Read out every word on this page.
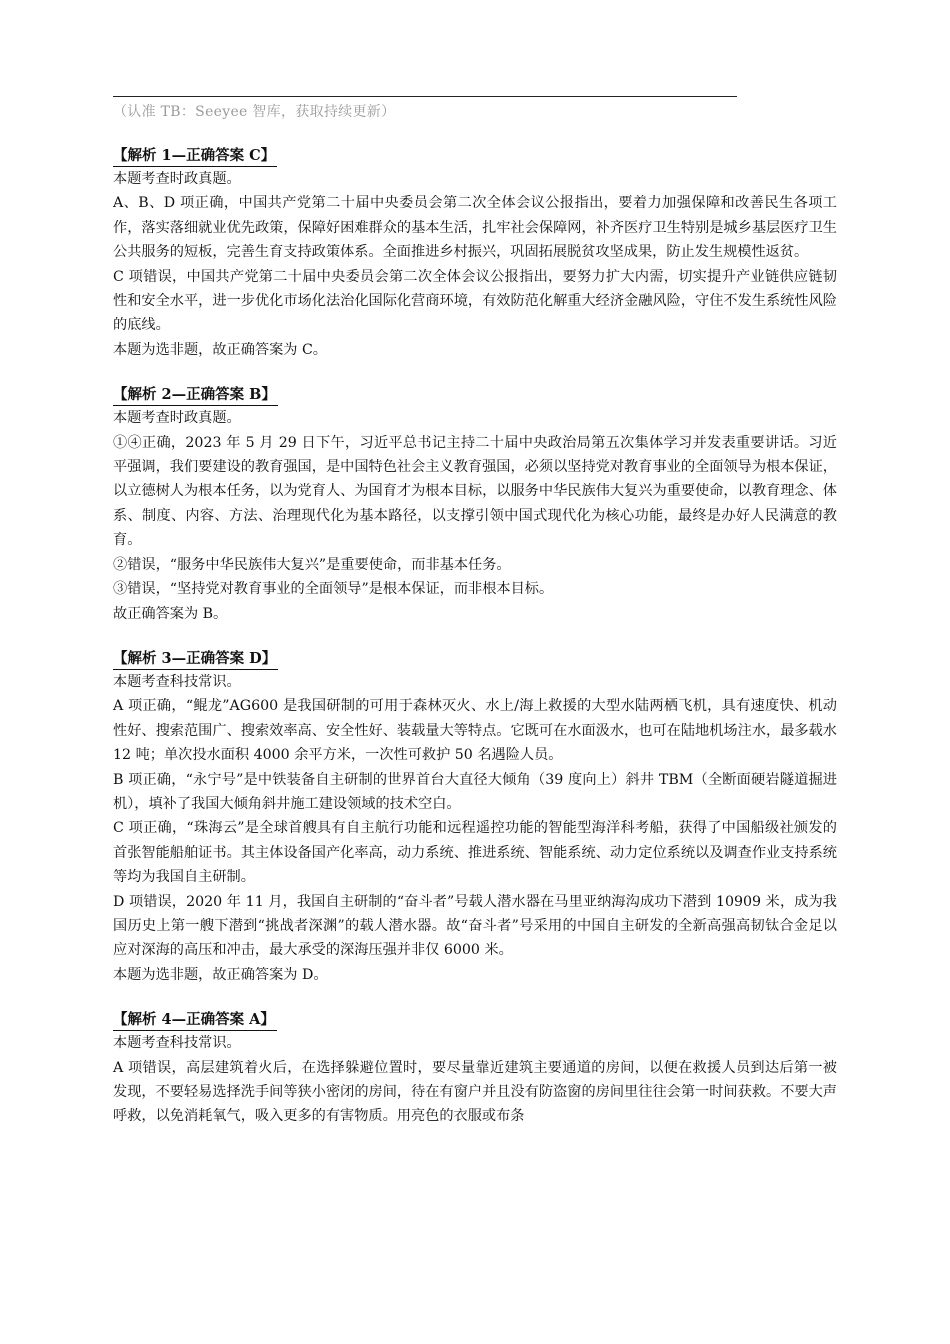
（认准 TB：Seeyee 智库，获取持续更新）
【解析 1—正确答案 C】

本题考查时政真题。

A、B、D 项正确，中国共产党第二十届中央委员会第二次全体会议公报指出，要着力加强保障和改善民生各项工作，落实落细就业优先政策，保障好困难群众的基本生活，扎牢社会保障网，补齐医疗卫生特别是城乡基层医疗卫生公共服务的短板，完善生育支持政策体系。全面推进乡村振兴，巩固拓展脱贫攻坚成果，防止发生规模性返贫。

C 项错误，中国共产党第二十届中央委员会第二次全体会议公报指出，要努力扩大内需，切实提升产业链供应链韧性和安全水平，进一步优化市场化法治化国际化营商环境，有效防范化解重大经济金融风险，守住不发生系统性风险的底线。

本题为选非题，故正确答案为 C。

【解析 2—正确答案 B】

本题考查时政真题。

①④正确，2023 年 5 月 29 日下午，习近平总书记主持二十届中央政治局第五次集体学习并发表重要讲话。习近平强调，我们要建设的教育强国，是中国特色社会主义教育强国，必须以坚持党对教育事业的全面领导为根本保证，以立德树人为根本任务，以为党育人、为国育才为根本目标，以服务中华民族伟大复兴为重要使命，以教育理念、体系、制度、内容、方法、治理现代化为基本路径，以支撑引领中国式现代化为核心功能，最终是办好人民满意的教育。

②错误，“服务中华民族伟大复兴”是重要使命，而非基本任务。

③错误，“坚持党对教育事业的全面领导”是根本保证，而非根本目标。

故正确答案为 B。

【解析 3—正确答案 D】

本题考查科技常识。

A 项正确，“鲲龙”AG600 是我国研制的可用于森林灭火、水上/海上救援的大型水陆两栖飞机，具有速度快、机动性好、搜索范围广、搜索效率高、安全性好、装载量大等特点。它既可在水面汲水，也可在陆地机场注水，最多载水 12 吨；单次投水面积 4000 余平方米，一次性可救护 50 名遇险人员。

B 项正确，“永宁号”是中铁装备自主研制的世界首台大直径大倾角（39 度向上）斜井 TBM（全断面硬岩隧道掘进机），填补了我国大倾角斜井施工建设领域的技术空白。

C 项正确，“珠海云”是全球首艘具有自主航行功能和远程遥控功能的智能型海洋科考船，获得了中国船级社颁发的首张智能船舶证书。其主体设备国产化率高，动力系统、推进系统、智能系统、动力定位系统以及调查作业支持系统等均为我国自主研制。

D 项错误，2020 年 11 月，我国自主研制的“奋斗者”号载人潜水器在马里亚纳海沟成功下潜到 10909 米，成为我国历史上第一艘下潜到“挑战者深渊”的载人潜水器。故“奋斗者”号采用的中国自主研发的全新高强高韧钛合金足以应对深海的高压和冲击，最大承受的深海压强并非仅 6000 米。

本题为选非题，故正确答案为 D。

【解析 4—正确答案 A】

本题考查科技常识。

A 项错误，高层建筑着火后，在选择躲避位置时，要尽量靠近建筑主要通道的房间，以便在救援人员到达后第一被发现，不要轻易选择洗手间等狭小密闭的房间，待在有窗户并且没有防盗窗的房间里往往会第一时间获救。不要大声呼救，以免消耗氧气，吸入更多的有害物质。用亮色的衣服或布条
